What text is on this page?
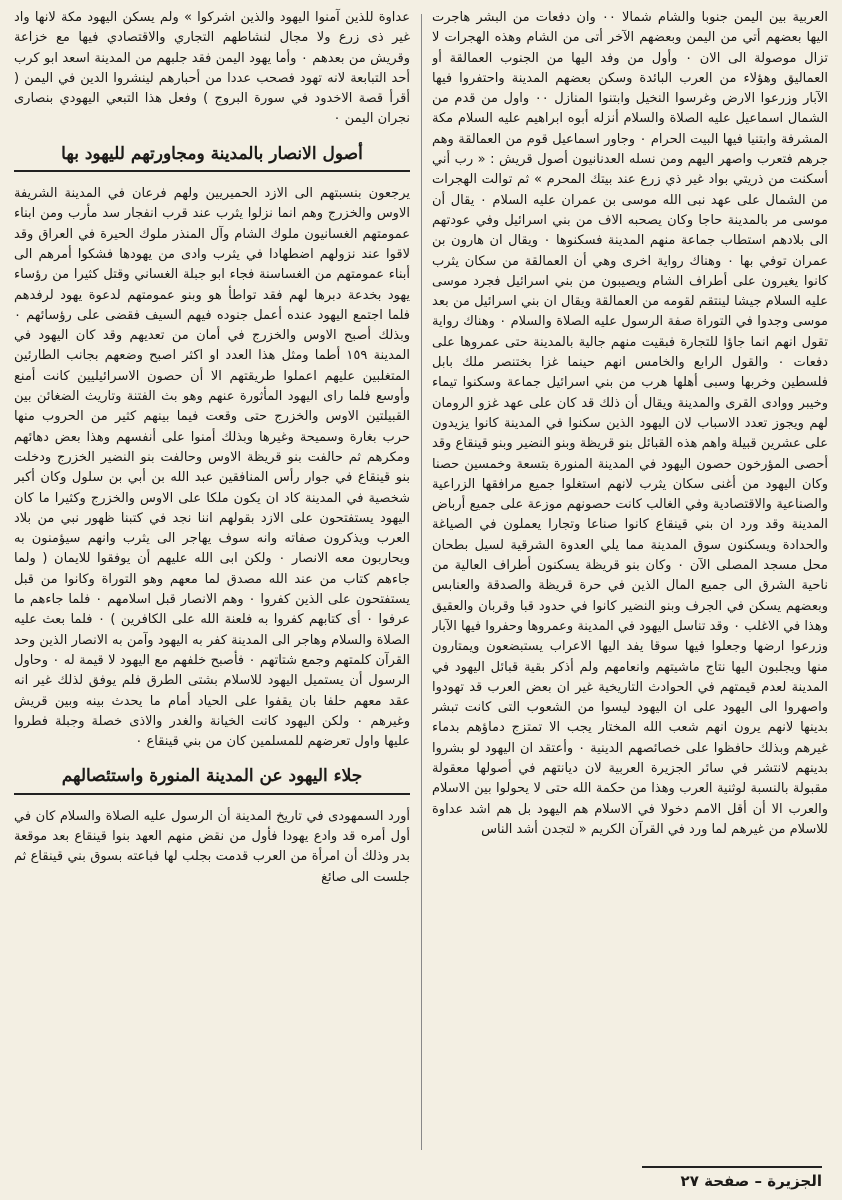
العربية بين اليمن جنوبا والشام شمالا ٠٠ وان دفعات من البشر هاجرت اليها بعضهم أتي من اليمن وبعضهم الآخر أتى من الشام وهذه الهجرات لا تزال موصولة الى الان ٠ وأول من وفد اليها من الجنوب العمالقة أو العماليق وهؤلاء من العرب البائدة وسكن بعضهم المدينة واحتفروا فيها الآبار وزرعوا الارض وغرسوا النخيل وابتنوا المنازل ٠٠ واول من قدم من الشمال اسماعيل عليه الصلاة والسلام أنزله أبوه ابراهيم عليه السلام مكة المشرفة وابتنيا فيها البيت الحرام ٠ وجاور اسماعيل قوم من العمالقة وهم جرهم فتعرب واصهر اليهم ومن نسله العدنانيون أصول قريش : « رب أني أسكنت من ذريتي بواد غير ذي زرع عند بيتك المحرم » ثم توالت الهجرات من الشمال على عهد نبى الله موسى بن عمران عليه السلام ٠ يقال أن موسى مر بالمدينة حاجا وكان يصحبه الاف من بني اسرائيل وفي عودتهم الى بلادهم استطاب جماعة منهم المدينة فسكنوها ٠ ويقال ان هارون بن عمران توفي بها ٠ وهناك رواية اخرى وهي أن العمالقة من سكان يثرب كانوا يغيرون على أطراف الشام ويصيبون من بني اسرائيل فجرد موسى عليه السلام جيشا لينتقم لقومه من العمالقة ويقال ان بني اسرائيل من بعد موسى وجدوا في التوراة صفة الرسول عليه الصلاة والسلام ٠ وهناك رواية تقول انهم انما جاؤا للتجارة فبقيت منهم جالية بالمدينة حتى عمروها على دفعات ٠ والقول الرابع والخامس انهم حينما غزا بختنصر ملك بابل فلسطين وخربها وسبى أهلها هرب من بني اسرائيل جماعة وسكنوا تيماء وخيبر ووادى القرى والمدينة ويقال أن ذلك قد كان على عهد غزو الرومان لهم ويجوز تعدد الاسباب لان اليهود الذين سكنوا في المدينة كانوا يزيدون على عشرين قبيلة واهم هذه القبائل بنو قريظة وبنو النضير وبنو قينقاع وقد أحصى المؤرخون حصون اليهود في المدينة المنورة بتسعة وخمسين حصنا وكان اليهود من أغنى سكان يثرب لانهم استغلوا جميع مرافقها الزراعية والصناعية والاقتصادية وفي الغالب كانت حصونهم موزعة على جميع أرباض المدينة وقد ورد ان بني قينقاع كانوا صناعا وتجارا يعملون في الصياغة والحدادة ويسكنون سوق المدينة مما يلي العدوة الشرقية لسيل بطحان محل مسجد المصلى الآن ٠ وكان بنو قريظة يسكنون أطراف العالية من ناحية الشرق الى جميع المال الذين في حرة قريظة والصدقة والعنابس وبعضهم يسكن في الجرف وبنو النضير كانوا في حدود قبا وقربان والعقيق وهذا في الاغلب ٠ وقد تناسل اليهود في المدينة وعمروها وحفروا فيها الآبار وزرعوا ارضها وجعلوا فيها سوقا يفد اليها الاعراب يستبضعون ويمتارون منها ويجلبون اليها نتاج ماشيتهم وانعامهم ولم أذكر بقية قبائل اليهود في المدينة لعدم قيمتهم في الحوادث التاريخية غير ان بعض العرب قد تهودوا واصهروا الى اليهود على ان اليهود ليسوا من الشعوب التى كانت تبشر بدينها لانهم يرون انهم شعب الله المختار يجب الا تمتزج دماؤهم بدماء غيرهم وبذلك حافظوا على خصائصهم الدينية ٠ وأعتقد ان اليهود لو بشروا بدينهم لانتشر في سائر الجزيرة العربية لان ديانتهم في أصولها معقولة مقبولة بالنسبة لوثنية العرب وهذا من حكمة الله حتى لا يحولوا بين الاسلام والعرب الا أن أقل الامم دخولا في الاسلام هم اليهود بل هم اشد عداوة للاسلام من غيرهم لما ورد في القرآن الكريم « لتجدن أشد الناس

عداوة للذين آمنوا اليهود والذين اشركوا » ولم يسكن اليهود مكة لانها واد غير ذى زرع ولا مجال لنشاطهم التجاري والاقتصادي فيها مع خزاعة وقريش من بعدهم ٠ وأما يهود اليمن فقد جلبهم من المدينة اسعد ابو كرب أحد التبابعة لانه تهود فصحب عددا من أحبارهم لينشروا الدين في اليمن ( أقرأ قصة الاخدود في سورة البروج ) وفعل هذا التبعي اليهودي بنصارى نجران اليمن ٠

أصول الانصار بالمدينة ومجاورتهم لليهود بها

يرجعون بنسبتهم الى الازد الحميريين ولهم فرعان في المدينة الشريفة الاوس والخزرج وهم انما نزلوا يثرب عند قرب انفجار سد مأرب ومن ابناء عمومتهم الغسانيون ملوك الشام وآل المنذر ملوك الحيرة في العراق وقد لاقوا عند نزولهم اضطهادا في يثرب وادى من يهودها فشكوا أمرهم الى أبناء عمومتهم من الغساسنة فجاء ابو جبلة الغساني وقتل كثيرا من رؤساء يهود بخدعة دبرها لهم فقد تواطأ هو وبنو عمومتهم لدعوة يهود لرفدهم فلما اجتمع اليهود عنده أعمل جنوده فيهم السيف فقضى على رؤسائهم ٠ وبذلك أصبح الاوس والخزرج في أمان من تعديهم وقد كان اليهود في المدينة ١٥٩ أطما ومثل هذا العدد او اكثر اصبح وضعهم بجانب الطارئين المتغلبين عليهم اعملوا طريقتهم الا أن حصون الاسرائيليين كانت أمنع وأوسع فلما راى اليهود المأثورة عنهم وهو بث الفتنة وتاريث الضغائن بين القبيلتين الاوس والخزرج حتى وقعت فيما بينهم كثير من الحروب منها حرب بغارة وسميحة وغيرها وبذلك أمنوا على أنفسهم وهذا بعض دهائهم ومكرهم ثم حالفت بنو قريظة الاوس وحالفت بنو النضير الخزرج ودخلت بنو قينقاع في جوار رأس المنافقين عبد الله بن أبي بن سلول وكان أكبر شخصية في المدينة كاد ان يكون ملكا على الاوس والخزرج وكثيرا ما كان اليهود يستفتحون على الازد بقولهم اننا نجد في كتبنا ظهور نبي من بلاد العرب ويذكرون صفاته وانه سوف يهاجر الى يثرب وانهم سيؤمنون به ويحاربون معه الانصار ٠ ولكن ابى الله عليهم أن يوفقوا للايمان ( ولما جاءهم كتاب من عند الله مصدق لما معهم وهو التوراة وكانوا من قبل يستفتحون على الذين كفروا ٠ وهم الانصار قبل اسلامهم ٠ فلما جاءهم ما عرفوا ٠ أى كتابهم كفروا به فلعنة الله على الكافرين ) ٠ فلما بعث عليه الصلاة والسلام وهاجر الى المدينة كفر به اليهود وآمن به الانصار الذين وحد القرآن كلمتهم وجمع شتاتهم ٠ فأصبح خلفهم مع اليهود لا قيمة له ٠ وحاول الرسول أن يستميل اليهود للاسلام بشتى الطرق فلم يوفق لذلك غير انه عقد معهم حلفا بان يقفوا على الحياد أمام ما يحدث بينه وبين قريش وغيرهم ٠ ولكن اليهود كانت الخيانة والغدر والاذى خصلة وجبلة فطروا عليها واول تعرضهم للمسلمين كان من بني قينقاع ٠

جلاء اليهود عن المدينة المنورة واستئصالهم

أورد السمهودى في تاريخ المدينة أن الرسول عليه الصلاة والسلام كان في أول أمره قد وادع يهودا فأول من نقض منهم العهد بنوا قينقاع بعد موقعة بدر وذلك أن امرأة من العرب قدمت بجلب لها فباعته بسوق بني قينقاع ثم جلست الى صائغ

الجزيرة – صفحة ٢٧
